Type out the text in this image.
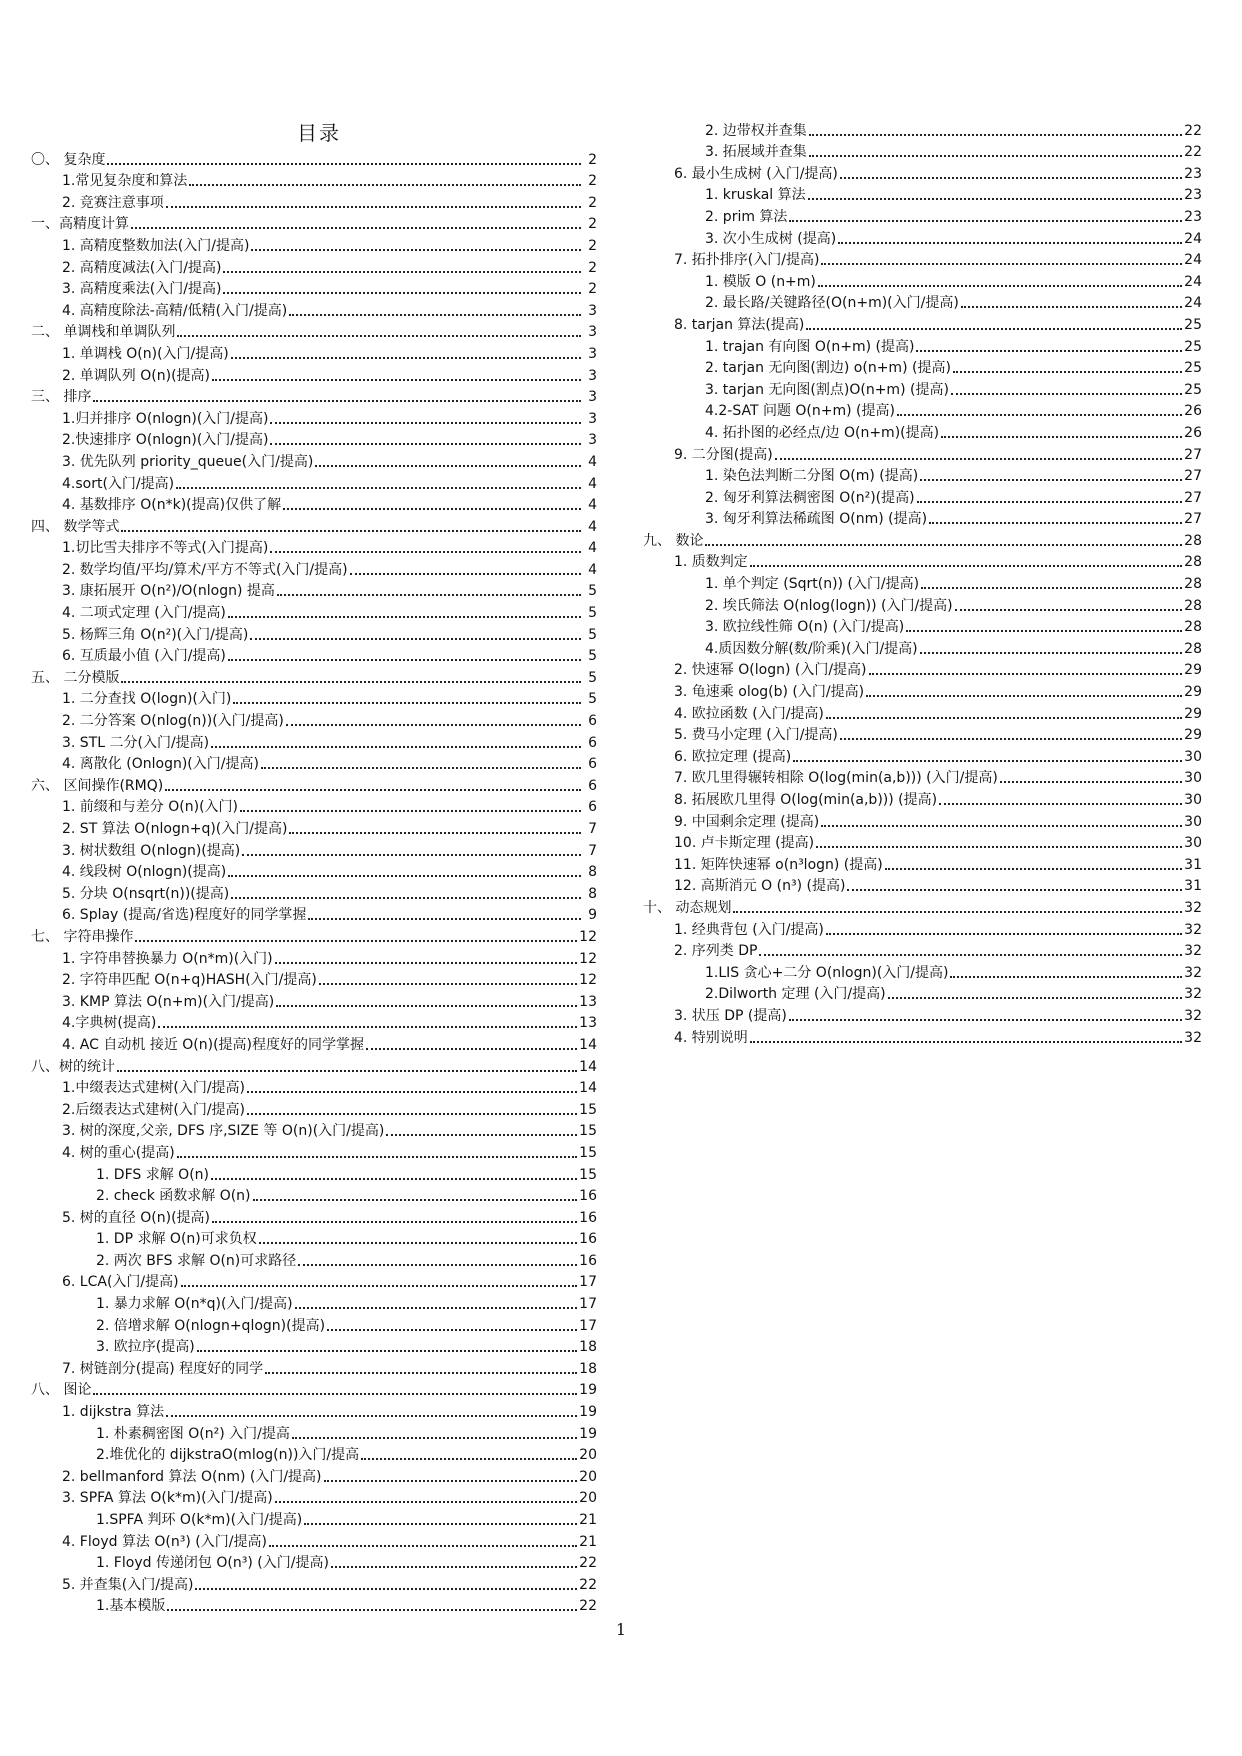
目录
〇、 复杂度	2
1.常见复杂度和算法	2
2. 竞赛注意事项	2
一、高精度计算	2
1. 高精度整数加法(入门/提高)	2
2. 高精度减法(入门/提高)	2
3. 高精度乘法(入门/提高)	2
4. 高精度除法-高精/低精(入门/提高)	3
二、 单调栈和单调队列	3
1. 单调栈 O(n)(入门/提高)	3
2. 单调队列 O(n)(提高)	3
三、 排序	3
1.归并排序 O(nlogn)(入门/提高)	3
2.快速排序 O(nlogn)(入门/提高)	3
3. 优先队列 priority_queue(入门/提高)	4
4.sort(入门/提高)	4
4. 基数排序 O(n*k)(提高)仅供了解	4
四、 数学等式	4
1.切比雪夫排序不等式(入门提高)	4
2. 数学均值/平均/算术/平方不等式(入门/提高)	4
3. 康拓展开 O(n²)/O(nlogn) 提高	5
4. 二项式定理 (入门/提高)	5
5. 杨辉三角 O(n²)(入门/提高)	5
6. 互质最小值 (入门/提高)	5
五、 二分模版	5
1. 二分查找 O(logn)(入门)	5
2. 二分答案 O(nlog(n))(入门/提高)	6
3. STL 二分(入门/提高)	6
4. 离散化 (Onlogn)(入门/提高)	6
六、 区间操作(RMQ)	6
1. 前缀和与差分 O(n)(入门)	6
2. ST 算法 O(nlogn+q)(入门/提高)	7
3. 树状数组 O(nlogn)(提高)	7
4. 线段树 O(nlogn)(提高)	8
5. 分块 O(nsqrt(n))(提高)	8
6. Splay (提高/省选)程度好的同学掌握	9
七、 字符串操作	12
1. 字符串替换暴力 O(n*m)(入门)	12
2. 字符串匹配 O(n+q)HASH(入门/提高)	12
3. KMP 算法 O(n+m)(入门/提高)	13
4.字典树(提高)	13
4. AC 自动机 接近 O(n)(提高)程度好的同学掌握	14
八、树的统计	14
1.中缀表达式建树(入门/提高)	14
2.后缀表达式建树(入门/提高)	15
3. 树的深度,父亲, DFS 序,SIZE 等 O(n)(入门/提高)	15
4. 树的重心(提高)	15
1. DFS 求解 O(n)	15
2. check 函数求解 O(n)	16
5. 树的直径 O(n)(提高)	16
1. DP 求解 O(n)可求负权	16
2. 两次 BFS 求解 O(n)可求路径	16
6. LCA(入门/提高)	17
1. 暴力求解 O(n*q)(入门/提高)	17
2. 倍增求解 O(nlogn+qlogn)(提高)	17
3. 欧拉序(提高)	18
7. 树链剖分(提高) 程度好的同学	18
八、 图论	19
1. dijkstra 算法	19
1. 朴素稠密图 O(n²) 入门/提高	19
2.堆优化的 dijkstraO(mlog(n))入门/提高	20
2. bellmanford 算法 O(nm) (入门/提高)	20
3. SPFA 算法 O(k*m)(入门/提高)	20
1.SPFA 判环 O(k*m)(入门/提高)	21
4. Floyd 算法 O(n³) (入门/提高)	21
1. Floyd 传递闭包 O(n³) (入门/提高)	22
5. 并查集(入门/提高)	22
1.基本模版	22
2. 边带权并查集	22
3. 拓展域并查集	22
6. 最小生成树 (入门/提高)	23
1. kruskal 算法	23
2. prim 算法	23
3. 次小生成树 (提高)	24
7. 拓扑排序(入门/提高)	24
1. 模版 O (n+m)	24
2. 最长路/关键路径(O(n+m)(入门/提高)	24
8. tarjan 算法(提高)	25
1. trajan 有向图 O(n+m) (提高)	25
2. tarjan 无向图(割边) o(n+m) (提高)	25
3. tarjan 无向图(割点)O(n+m) (提高)	25
4.2-SAT 问题 O(n+m) (提高)	26
4. 拓扑图的必经点/边 O(n+m)(提高)	26
9. 二分图(提高)	27
1. 染色法判断二分图 O(m) (提高)	27
2. 匈牙利算法稠密图 O(n²)(提高)	27
3. 匈牙利算法稀疏图 O(nm) (提高)	27
九、 数论	28
1. 质数判定	28
1. 单个判定 (Sqrt(n)) (入门/提高)	28
2. 埃氏筛法 O(nlog(logn)) (入门/提高)	28
3. 欧拉线性筛 O(n) (入门/提高)	28
4.质因数分解(数/阶乘)(入门/提高)	28
2. 快速幂 O(logn) (入门/提高)	29
3. 龟速乘 olog(b) (入门/提高)	29
4. 欧拉函数 (入门/提高)	29
5. 费马小定理 (入门/提高)	29
6. 欧拉定理 (提高)	30
7. 欧几里得辗转相除 O(log(min(a,b))) (入门/提高)	30
8. 拓展欧几里得 O(log(min(a,b))) (提高)	30
9. 中国剩余定理 (提高)	30
10. 卢卡斯定理 (提高)	30
11. 矩阵快速幂 o(n³logn) (提高)	31
12. 高斯消元 O (n³) (提高)	31
十、 动态规划	32
1. 经典背包 (入门/提高)	32
2. 序列类 DP	32
1.LIS 贪心+二分 O(nlogn)(入门/提高)	32
2.Dilworth 定理 (入门/提高)	32
3. 状压 DP (提高)	32
4. 特别说明	32
1
